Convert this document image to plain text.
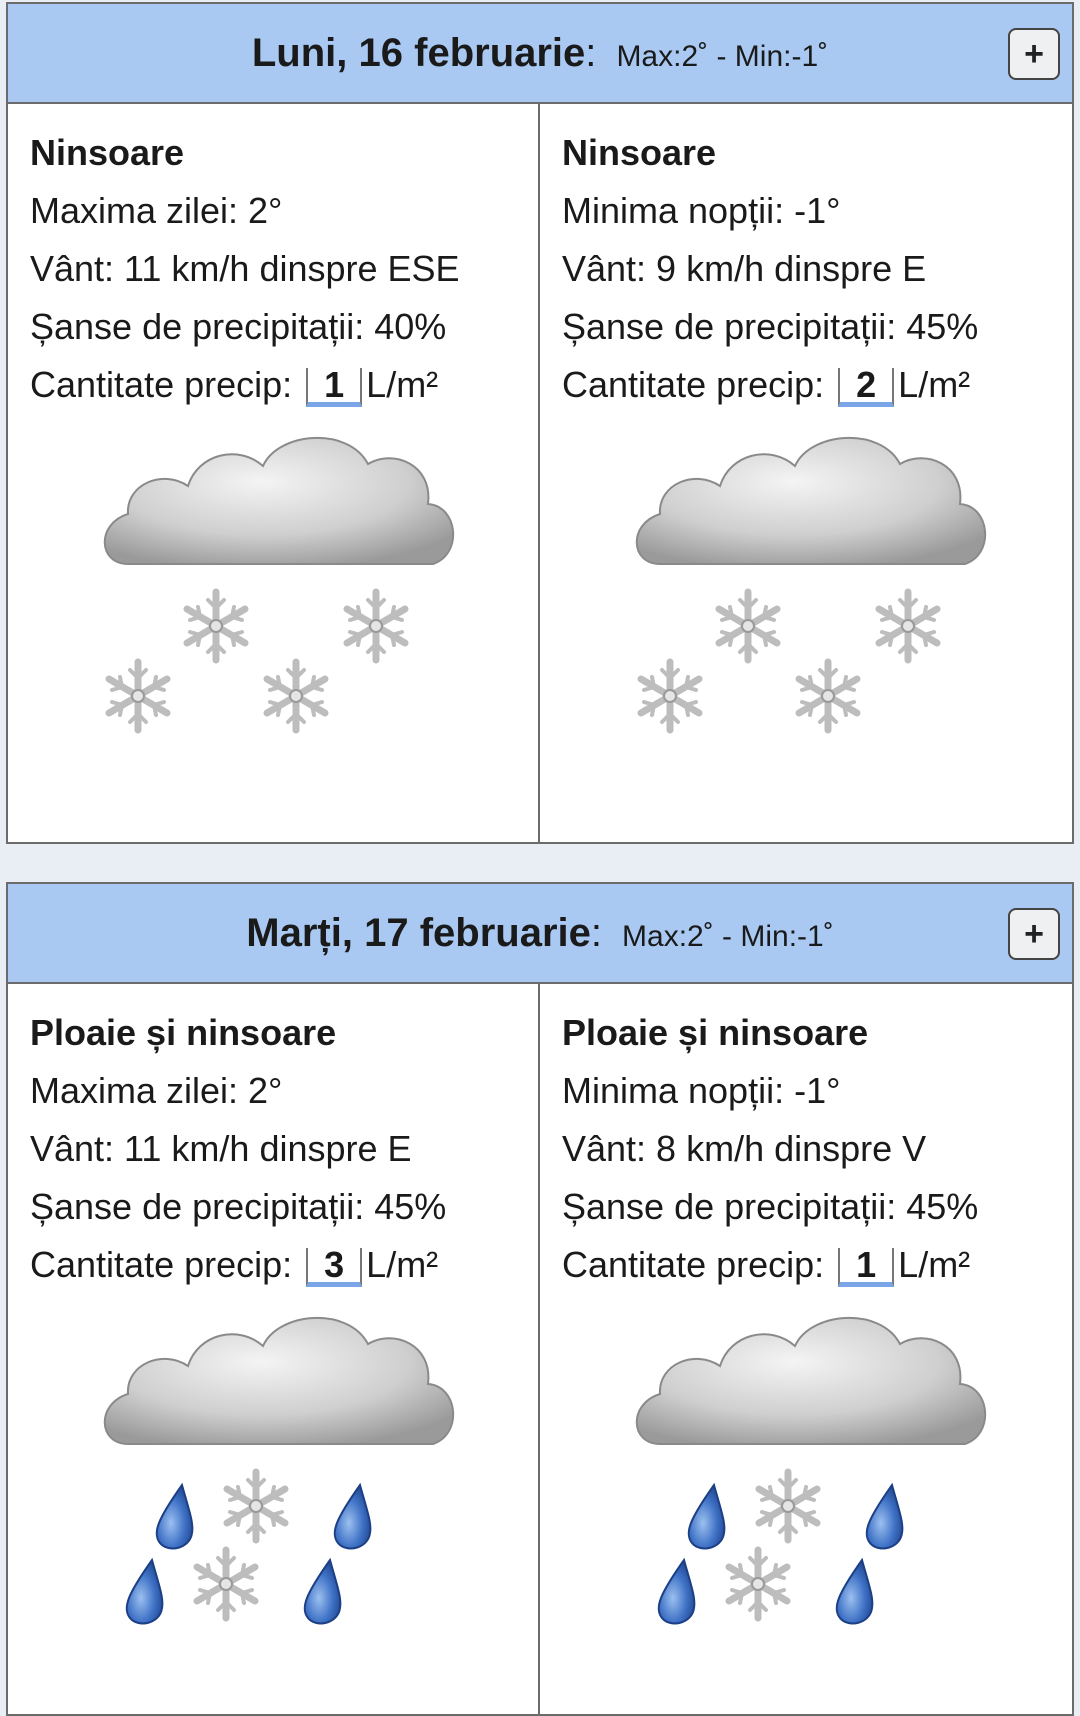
Luni, 16 februarie: Max:2˚ - Min:-1˚	+
Ninsoare
Maxima zilei: 2°
Vânt: 11 km/h dinspre ESE
Șanse de precipitații: 40%
Cantitate precip: 1 L/m²
Ninsoare
Minima nopții: -1°
Vânt: 9 km/h dinspre E
Șanse de precipitații: 45%
Cantitate precip: 2 L/m²
Marți, 17 februarie: Max:2˚ - Min:-1˚	+
Ploaie și ninsoare
Maxima zilei: 2°
Vânt: 11 km/h dinspre E
Șanse de precipitații: 45%
Cantitate precip: 3 L/m²
Ploaie și ninsoare
Minima nopții: -1°
Vânt: 8 km/h dinspre V
Șanse de precipitații: 45%
Cantitate precip: 1 L/m²
